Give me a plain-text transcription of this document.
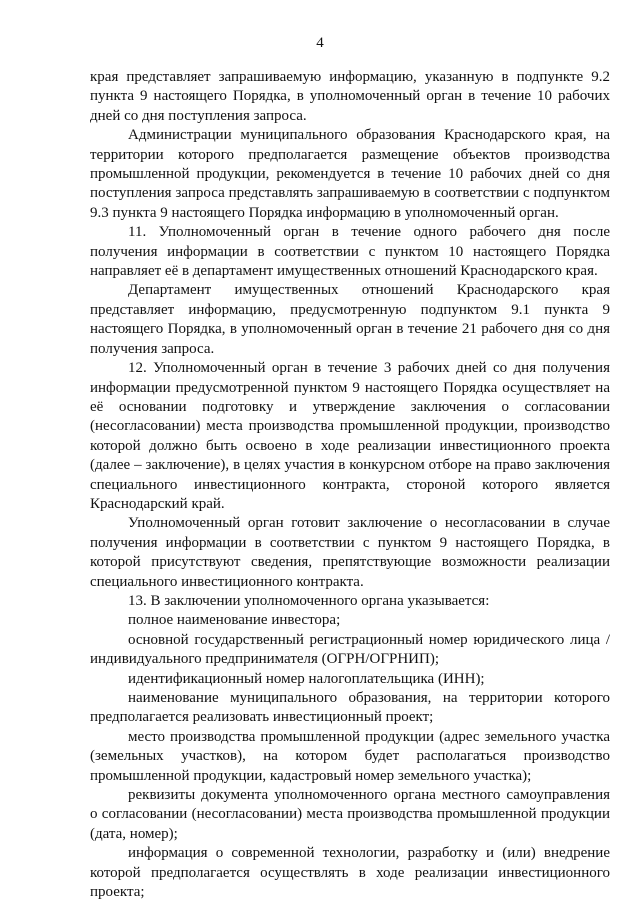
4

края представляет запрашиваемую информацию, указанную в подпункте 9.2 пункта 9 настоящего Порядка, в уполномоченный орган в течение 10 рабочих дней со дня поступления запроса.

Администрации муниципального образования Краснодарского края, на территории которого предполагается размещение объектов производства промышленной продукции, рекомендуется в течение 10 рабочих дней со дня поступления запроса представлять запрашиваемую в соответствии с подпунктом 9.3 пункта 9 настоящего Порядка информацию в уполномоченный орган.

11. Уполномоченный орган в течение одного рабочего дня после получения информации в соответствии с пунктом 10 настоящего Порядка направляет её в департамент имущественных отношений Краснодарского края.

Департамент имущественных отношений Краснодарского края представляет информацию, предусмотренную подпунктом 9.1 пункта 9 настоящего Порядка, в уполномоченный орган в течение 21 рабочего дня со дня получения запроса.

12. Уполномоченный орган в течение 3 рабочих дней со дня получения информации предусмотренной пунктом 9 настоящего Порядка осуществляет на её основании подготовку и утверждение заключения о согласовании (несогласовании) места производства промышленной продукции, производство которой должно быть освоено в ходе реализации инвестиционного проекта (далее – заключение), в целях участия в конкурсном отборе на право заключения специального инвестиционного контракта, стороной которого является Краснодарский край.

Уполномоченный орган готовит заключение о несогласовании в случае получения информации в соответствии с пунктом 9 настоящего Порядка, в которой присутствуют сведения, препятствующие возможности реализации специального инвестиционного контракта.

13. В заключении уполномоченного органа указывается:

полное наименование инвестора;

основной государственный регистрационный номер юридического лица / индивидуального предпринимателя (ОГРН/ОГРНИП);

идентификационный номер налогоплательщика (ИНН);

наименование муниципального образования, на территории которого предполагается реализовать инвестиционный проект;

место производства промышленной продукции (адрес земельного участка (земельных участков), на котором будет располагаться производство промышленной продукции, кадастровый номер земельного участка);

реквизиты документа уполномоченного органа местного самоуправления о согласовании (несогласовании) места производства промышленной продукции (дата, номер);

информация о современной технологии, разработку и (или) внедрение которой предполагается осуществлять в ходе реализации инвестиционного проекта;
